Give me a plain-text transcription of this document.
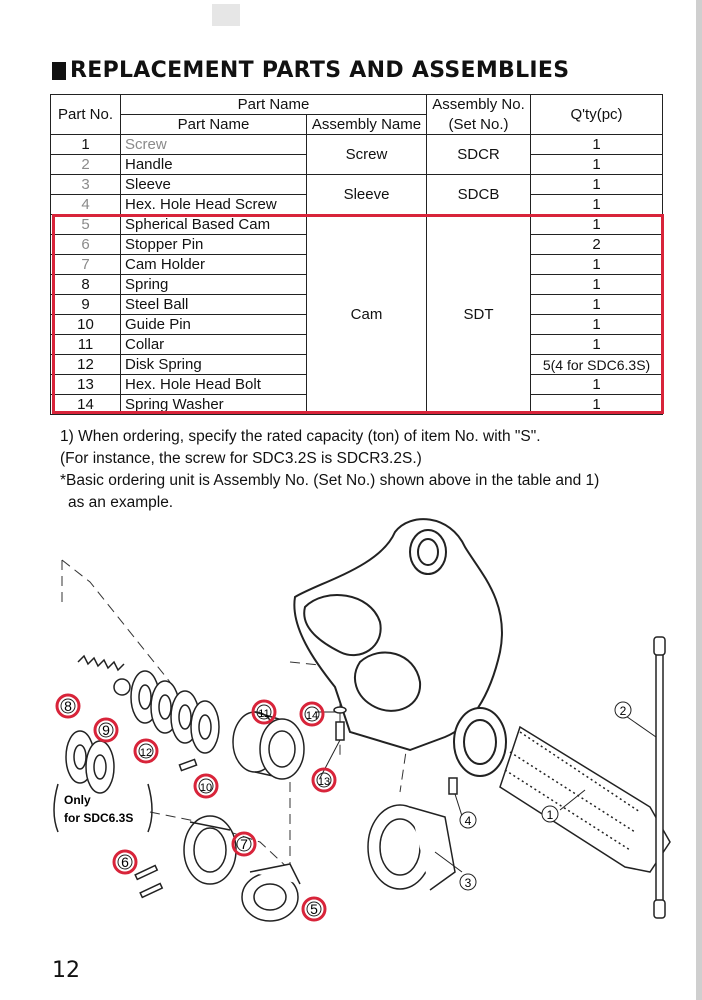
REPLACEMENT PARTS AND ASSEMBLIES
Part No.	Part Name		Assembly No.	Q'ty(pc)
	Part Name	Assembly Name	(Set No.)	
1	Screw	Screw	SDCR	1
2	Handle			1
3	Sleeve	Sleeve	SDCB	1
4	Hex. Hole Head Screw			1
5	Spherical Based Cam	Cam	SDT	1
6	Stopper Pin			2
7	Cam Holder			1
8	Spring			1
9	Steel Ball			1
10	Guide Pin			1
11	Collar			1
12	Disk Spring			5(4 for SDC6.3S)
13	Hex. Hole Head Bolt			1
14	Spring Washer			1

1) When ordering, specify the rated capacity (ton) of item No. with "S".

(For instance, the screw for SDC3.2S is SDCR3.2S.)

*Basic ordering unit is Assembly No. (Set No.) shown above in the table and 1)

as an example.

8
9
12
11
10
14
13
7
6
5
2
1
4
3
Only
for SDC6.3S
12
